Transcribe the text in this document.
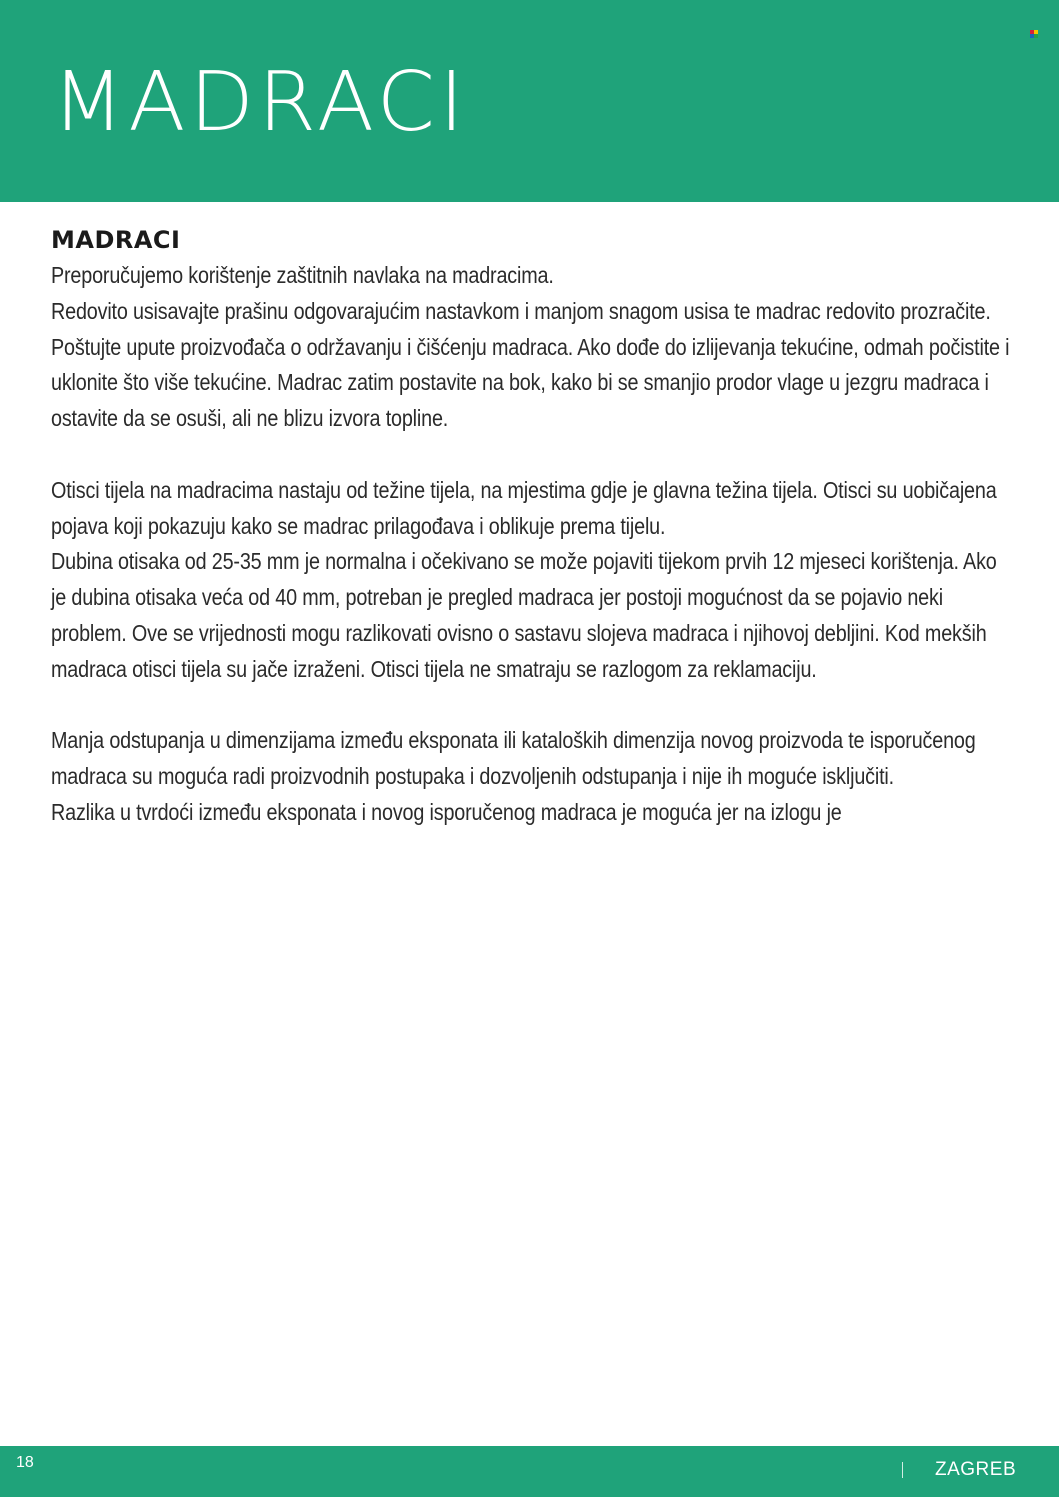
MADRACI
MADRACI

Preporučujemo korištenje zaštitnih navlaka na madracima.

Redovito usisavajte prašinu odgovarajućim nastavkom i manjom snagom usisa te madrac redovito prozračite. Poštujte upute proizvođača o održavanju i čišćenju madraca. Ako dođe do izlijevanja tekućine, odmah počistite i uklonite što više tekućine. Madrac zatim postavite na bok, kako bi se smanjio prodor vlage u jezgru madraca i ostavite da se osuši, ali ne blizu izvora topline.

Otisci tijela na madracima nastaju od težine tijela, na mjestima gdje je glavna težina tijela. Otisci su uobičajena pojava koji pokazuju kako se madrac prilagođava i oblikuje prema tijelu.

Dubina otisaka od 25-35 mm je normalna i očekivano se može pojaviti tijekom prvih 12 mjeseci korištenja. Ako je dubina otisaka veća od 40 mm, potreban je pregled madraca jer postoji mogućnost da se pojavio neki problem. Ove se vrijednosti mogu razlikovati ovisno o sastavu slojeva madraca i njihovoj debljini. Kod mekših madraca otisci tijela su jače izraženi. Otisci tijela ne smatraju se razlogom za reklamaciju.

Manja odstupanja u dimenzijama između eksponata ili kataloških dimenzija novog proizvoda te isporučenog madraca su moguća radi proizvodnih postupaka i dozvoljenih odstupanja i nije ih moguće isključiti.

Razlika u tvrdoći između eksponata i novog isporučenog madraca je moguća jer na izlogu je

18	ZAGREB
